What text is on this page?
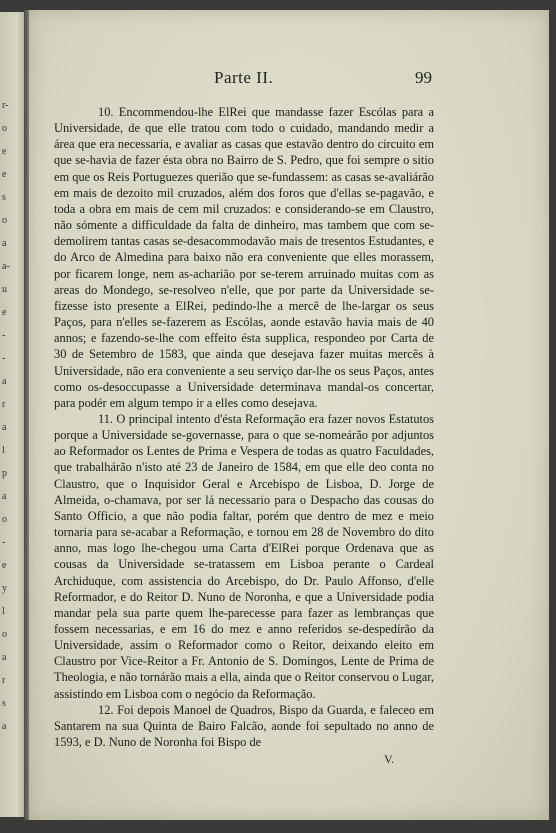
r-
o
e
e
s
o
a
a-
u
e
-
-
a
r
a
l
p
a
o
-
e
y
l
o
a
r
s
a
Parte II.	99

10. Encommendou-lhe ElRei que mandasse fazer Escólas para a Universidade, de que elle tratou com todo o cuidado, mandando medir a área que era necessaria, e avaliar as casas que estavão dentro do circuito em que se-havia de fazer ésta obra no Bairro de S. Pedro, que foi sempre o sitio em que os Reis Portuguezes querião que se-fundassem: as casas se-avaliárão em mais de dezoito mil cruzados, além dos foros que d'ellas se-pagavão, e toda a obra em mais de cem mil cruzados: e considerando-se em Claustro, não sómente a difficuldade da falta de dinheiro, mas tambem que com se-demolirem tantas casas se-desacommodavão mais de tresentos Estudantes, e do Arco de Almedina para baixo não era conveniente que elles morassem, por ficarem longe, nem as-acharião por se-terem arruinado muitas com as areas do Mondego, se-resolveo n'elle, que por parte da Universidade se-fizesse isto presente a ElRei, pedindo-lhe a mercê de lhe-largar os seus Paços, para n'elles se-fazerem as Escólas, aonde estavão havia mais de 40 annos; e fazendo-se-lhe com effeito ésta supplica, respondeo por Carta de 30 de Setembro de 1583, que ainda que desejava fazer muitas mercês à Universidade, não era conveniente a seu serviço dar-lhe os seus Paços, antes como os-desoccupasse a Universidade determinava mandal-os concertar, para podér em algum tempo ir a elles como desejava.

11. O principal intento d'ésta Reformação era fazer novos Estatutos porque a Universidade se-governasse, para o que se-nomeárão por adjuntos ao Reformador os Lentes de Prima e Vespera de todas as quatro Faculdades, que trabalhárão n'isto até 23 de Janeiro de 1584, em que elle deo conta no Claustro, que o Inquisidor Geral e Arcebispo de Lisboa, D. Jorge de Almeida, o-chamava, por ser lá necessario para o Despacho das cousas do Santo Officio, a que não podia faltar, porém que dentro de mez e meio tornaria para se-acabar a Reformação, e tornou em 28 de Novembro do dito anno, mas logo lhe-chegou uma Carta d'ElRei porque Ordenava que as cousas da Universidade se-tratassem em Lisboa perante o Cardeal Archiduque, com assistencia do Arcebispo, do Dr. Paulo Affonso, d'elle Reformador, e do Reitor D. Nuno de Noronha, e que a Universidade podia mandar pela sua parte quem lhe-parecesse para fazer as lembranças que fossem necessarias, e em 16 do mez e anno referidos se-despedírão da Universidade, assim o Reformador como o Reitor, deixando eleito em Claustro por Vice-Reitor a Fr. Antonio de S. Domingos, Lente de Prima de Theologia, e não tornárão mais a ella, ainda que o Reitor conservou o Lugar, assistindo em Lisboa com o negócio da Reformação.

12. Foi depois Manoel de Quadros, Bispo da Guarda, e faleceo em Santarem na sua Quinta de Bairo Falcão, aonde foi sepultado no anno de 1593, e D. Nuno de Noronha foi Bispo de

V.
